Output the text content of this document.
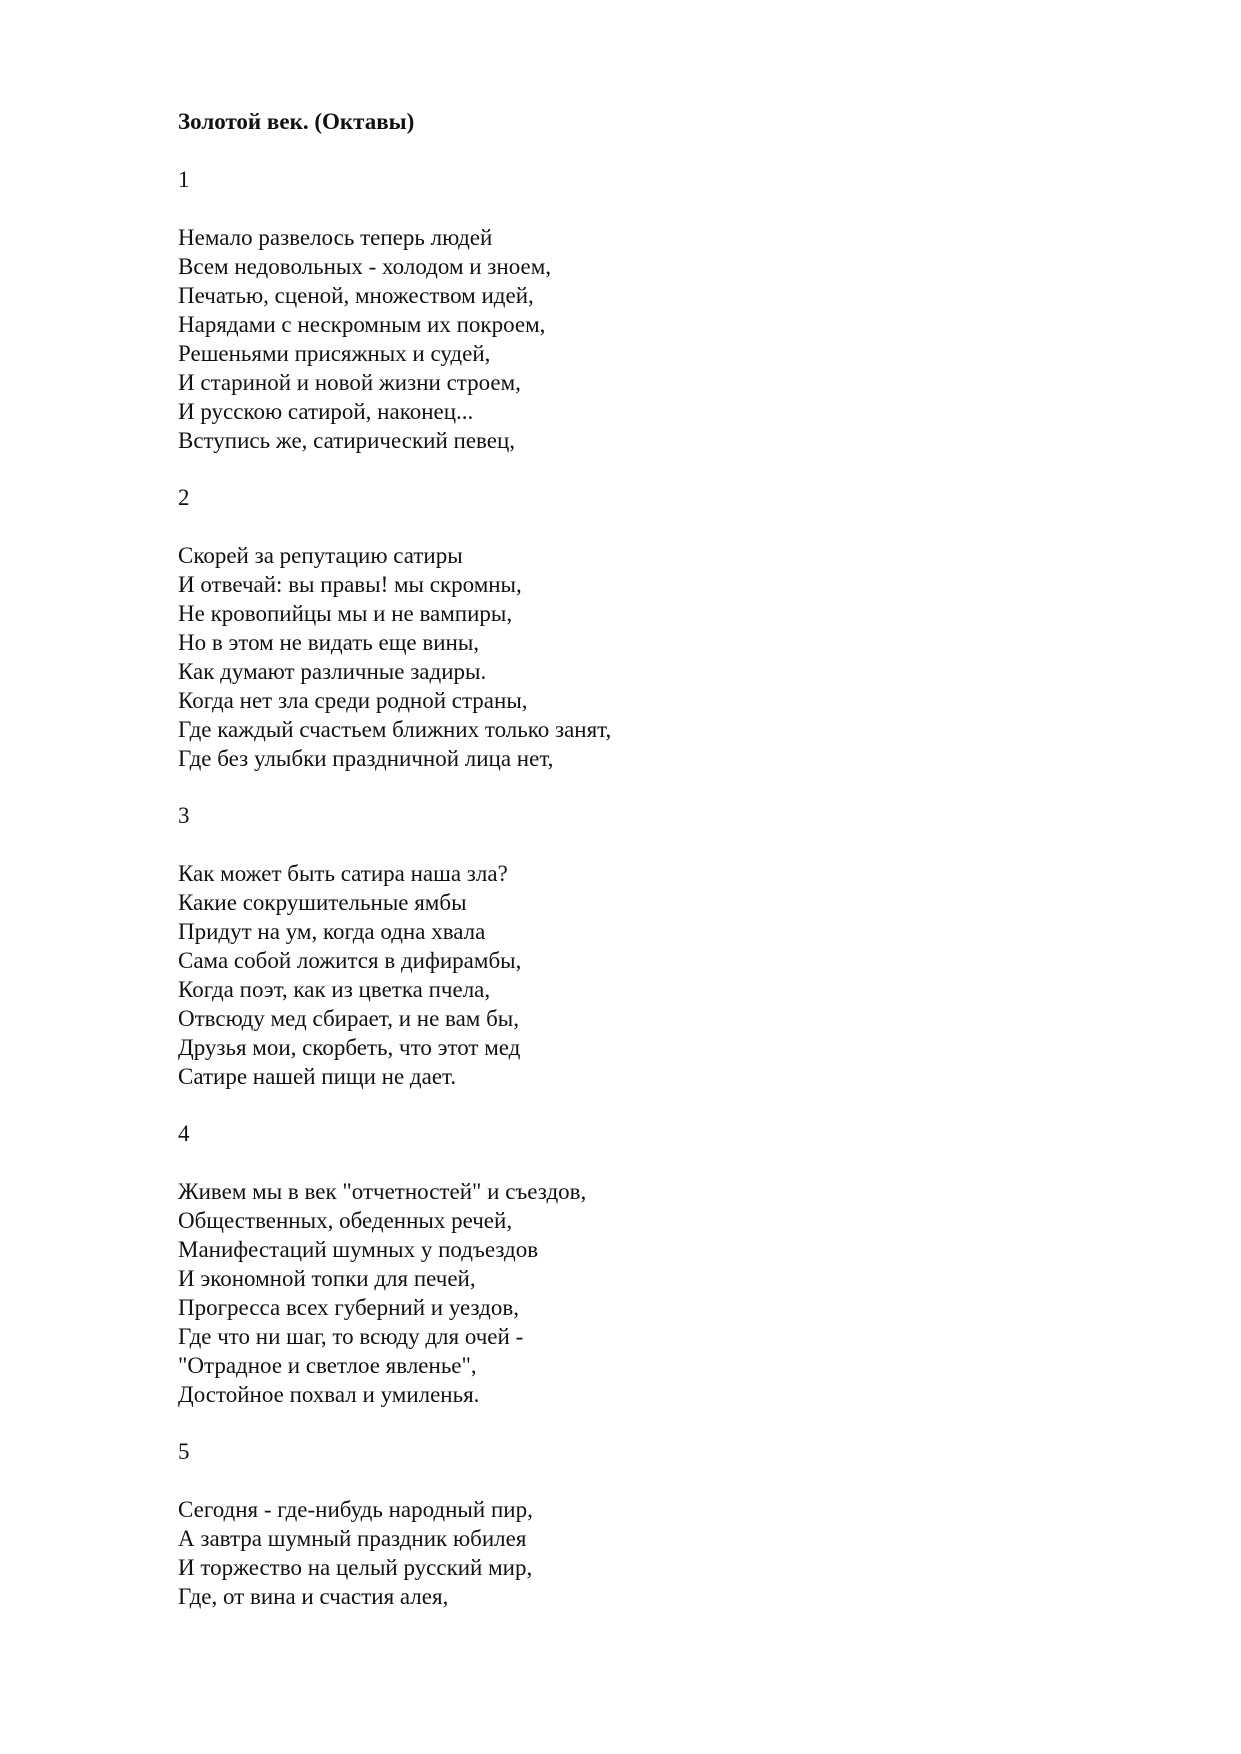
Золотой век. (Октавы)
1
Немало развелось теперь людей
Всем недовольных - холодом и зноем,
Печатью, сценой, множеством идей,
Нарядами с нескромным их покроем,
Решеньями присяжных и судей,
И стариной и новой жизни строем,
И русскою сатирой, наконец...
Вступись же, сатирический певец,
2
Скорей за репутацию сатиры
И отвечай: вы правы! мы скромны,
Не кровопийцы мы и не вампиры,
Но в этом не видать еще вины,
Как думают различные задиры.
Когда нет зла среди родной страны,
Где каждый счастьем ближних только занят,
Где без улыбки праздничной лица нет,
3
Как может быть сатира наша зла?
Какие сокрушительные ямбы
Придут на ум, когда одна хвала
Сама собой ложится в дифирамбы,
Когда поэт, как из цветка пчела,
Отвсюду мед сбирает, и не вам бы,
Друзья мои, скорбеть, что этот мед
Сатире нашей пищи не дает.
4
Живем мы в век "отчетностей" и съездов,
Общественных, обеденных речей,
Манифестаций шумных у подъездов
И экономной топки для печей,
Прогресса всех губерний и уездов,
Где что ни шаг, то всюду для очей -
"Отрадное и светлое явленье",
Достойное похвал и умиленья.
5
Сегодня - где-нибудь народный пир,
А завтра шумный праздник юбилея
И торжество на целый русский мир,
Где, от вина и счастия алея,
